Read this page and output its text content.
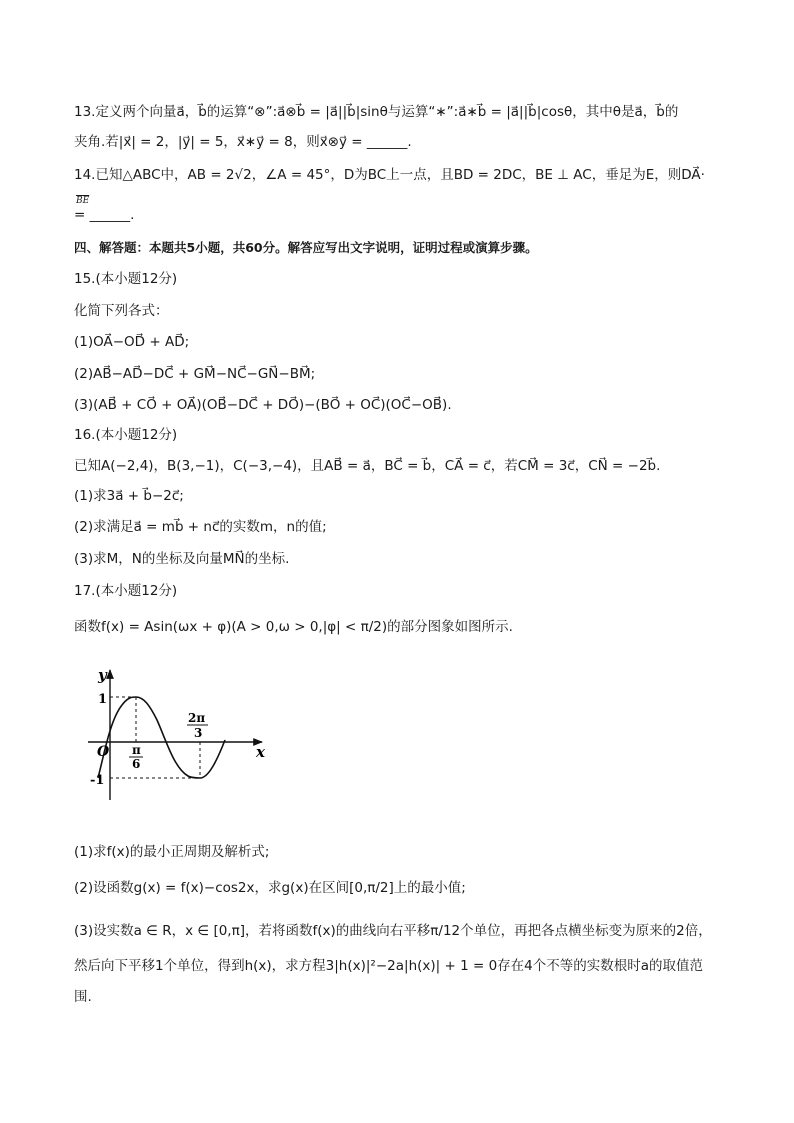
13.定义两个向量a⃗，b⃗的运算“⊗”:a⃗⊗b⃗ = |a⃗||b⃗|sinθ与运算“∗”:a⃗∗b⃗ = |a⃗||b⃗|cosθ，其中θ是a⃗，b⃗的
夹角.若|x⃗| = 2，|y⃗| = 5，x⃗∗y⃗ = 8，则x⃗⊗y⃗ = ______.
14.已知△ABC中，AB = 2√2，∠A = 45°，D为BC上一点，且BD = 2DC，BE ⊥ AC，垂足为E，则DA⃗·
$\overline{BE}$
= ______.
四、解答题：本题共5小题，共60分。解答应写出文字说明，证明过程或演算步骤。
15.(本小题12分)
化简下列各式：
(1)OA⃗−OD⃗ + AD⃗;
(2)AB⃗−AD⃗−DC⃗ + GM⃗−NC⃗−GN⃗−BM⃗;
(3)(AB⃗ + CO⃗ + OA⃗)(OB⃗−DC⃗ + DO⃗)−(BO⃗ + OC⃗)(OC⃗−OB⃗).
16.(本小题12分)
已知A(−2,4)，B(3,−1)，C(−3,−4)，且AB⃗ = a⃗，BC⃗ = b⃗，CA⃗ = c⃗，若CM⃗ = 3c⃗，CN⃗ = −2b⃗.
(1)求3a⃗ + b⃗−2c⃗;
(2)求满足a⃗ = mb⃗ + nc⃗的实数m，n的值;
(3)求M，N的坐标及向量MN⃗的坐标.
17.(本小题12分)
函数f(x) = Asin(ωx + φ)(A > 0,ω > 0,|φ| < π/2)的部分图象如图所示.
y
x
O
1
-1
π
6
2π
3
(1)求f(x)的最小正周期及解析式;
(2)设函数g(x) = f(x)−cos2x，求g(x)在区间[0,π/2]上的最小值;
(3)设实数a ∈ R，x ∈ [0,π]，若将函数f(x)的曲线向右平移π/12个单位，再把各点横坐标变为原来的2倍，
然后向下平移1个单位，得到h(x)，求方程3|h(x)|²−2a|h(x)| + 1 = 0存在4个不等的实数根时a的取值范
围.
